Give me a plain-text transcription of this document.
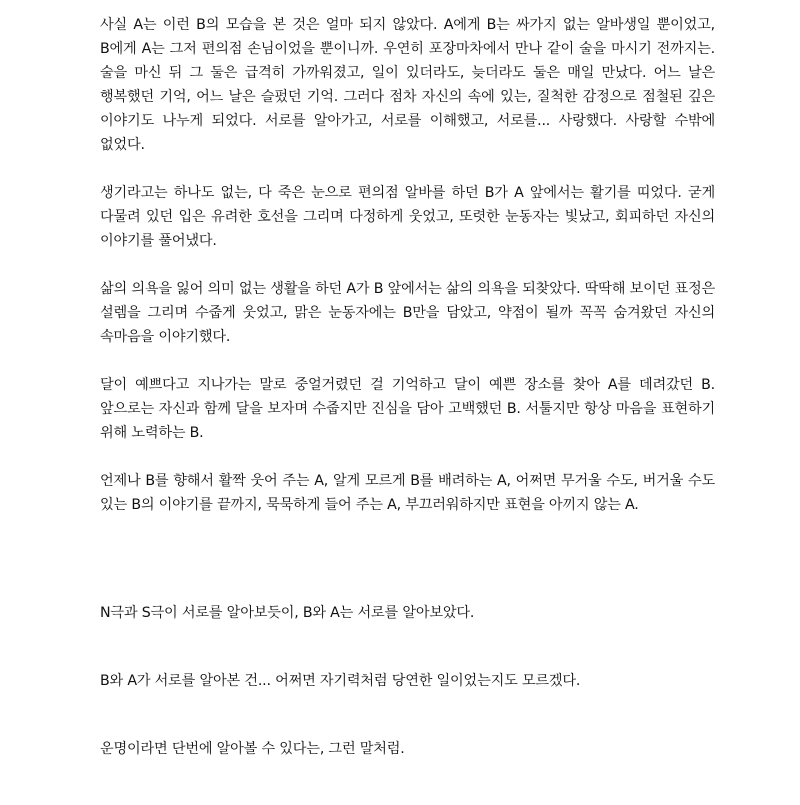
사실 A는 이런 B의 모습을 본 것은 얼마 되지 않았다. A에게 B는 싸가지 없는 알바생일 뿐이었고, B에게 A는 그저 편의점 손님이었을 뿐이니까. 우연히 포장마차에서 만나 같이 술을 마시기 전까지는. 술을 마신 뒤 그 둘은 급격히 가까워졌고, 일이 있더라도, 늦더라도 둘은 매일 만났다. 어느 날은 행복했던 기억, 어느 날은 슬펐던 기억. 그러다 점차 자신의 속에 있는, 질척한 감정으로 점철된 깊은 이야기도 나누게 되었다. 서로를 알아가고, 서로를 이해했고, 서로를... 사랑했다. 사랑할 수밖에 없었다.

생기라고는 하나도 없는, 다 죽은 눈으로 편의점 알바를 하던 B가 A 앞에서는 활기를 띠었다. 굳게 다물려 있던 입은 유려한 호선을 그리며 다정하게 웃었고, 또렷한 눈동자는 빛났고, 회피하던 자신의 이야기를 풀어냈다.

삶의 의욕을 잃어 의미 없는 생활을 하던 A가 B 앞에서는 삶의 의욕을 되찾았다. 딱딱해 보이던 표정은 설렘을 그리며 수줍게 웃었고, 맑은 눈동자에는 B만을 담았고, 약점이 될까 꼭꼭 숨겨왔던 자신의 속마음을 이야기했다.

달이 예쁘다고 지나가는 말로 중얼거렸던 걸 기억하고 달이 예쁜 장소를 찾아 A를 데려갔던 B. 앞으로는 자신과 함께 달을 보자며 수줍지만 진심을 담아 고백했던 B. 서툴지만 항상 마음을 표현하기 위해 노력하는 B.

언제나 B를 향해서 활짝 웃어 주는 A, 알게 모르게 B를 배려하는 A, 어쩌면 무거울 수도, 버거울 수도 있는 B의 이야기를 끝까지, 묵묵하게 들어 주는 A, 부끄러워하지만 표현을 아끼지 않는 A.

N극과 S극이 서로를 알아보듯이, B와 A는 서로를 알아보았다.

B와 A가 서로를 알아본 건... 어쩌면 자기력처럼 당연한 일이었는지도 모르겠다.

운명이라면 단번에 알아볼 수 있다는, 그런 말처럼.
